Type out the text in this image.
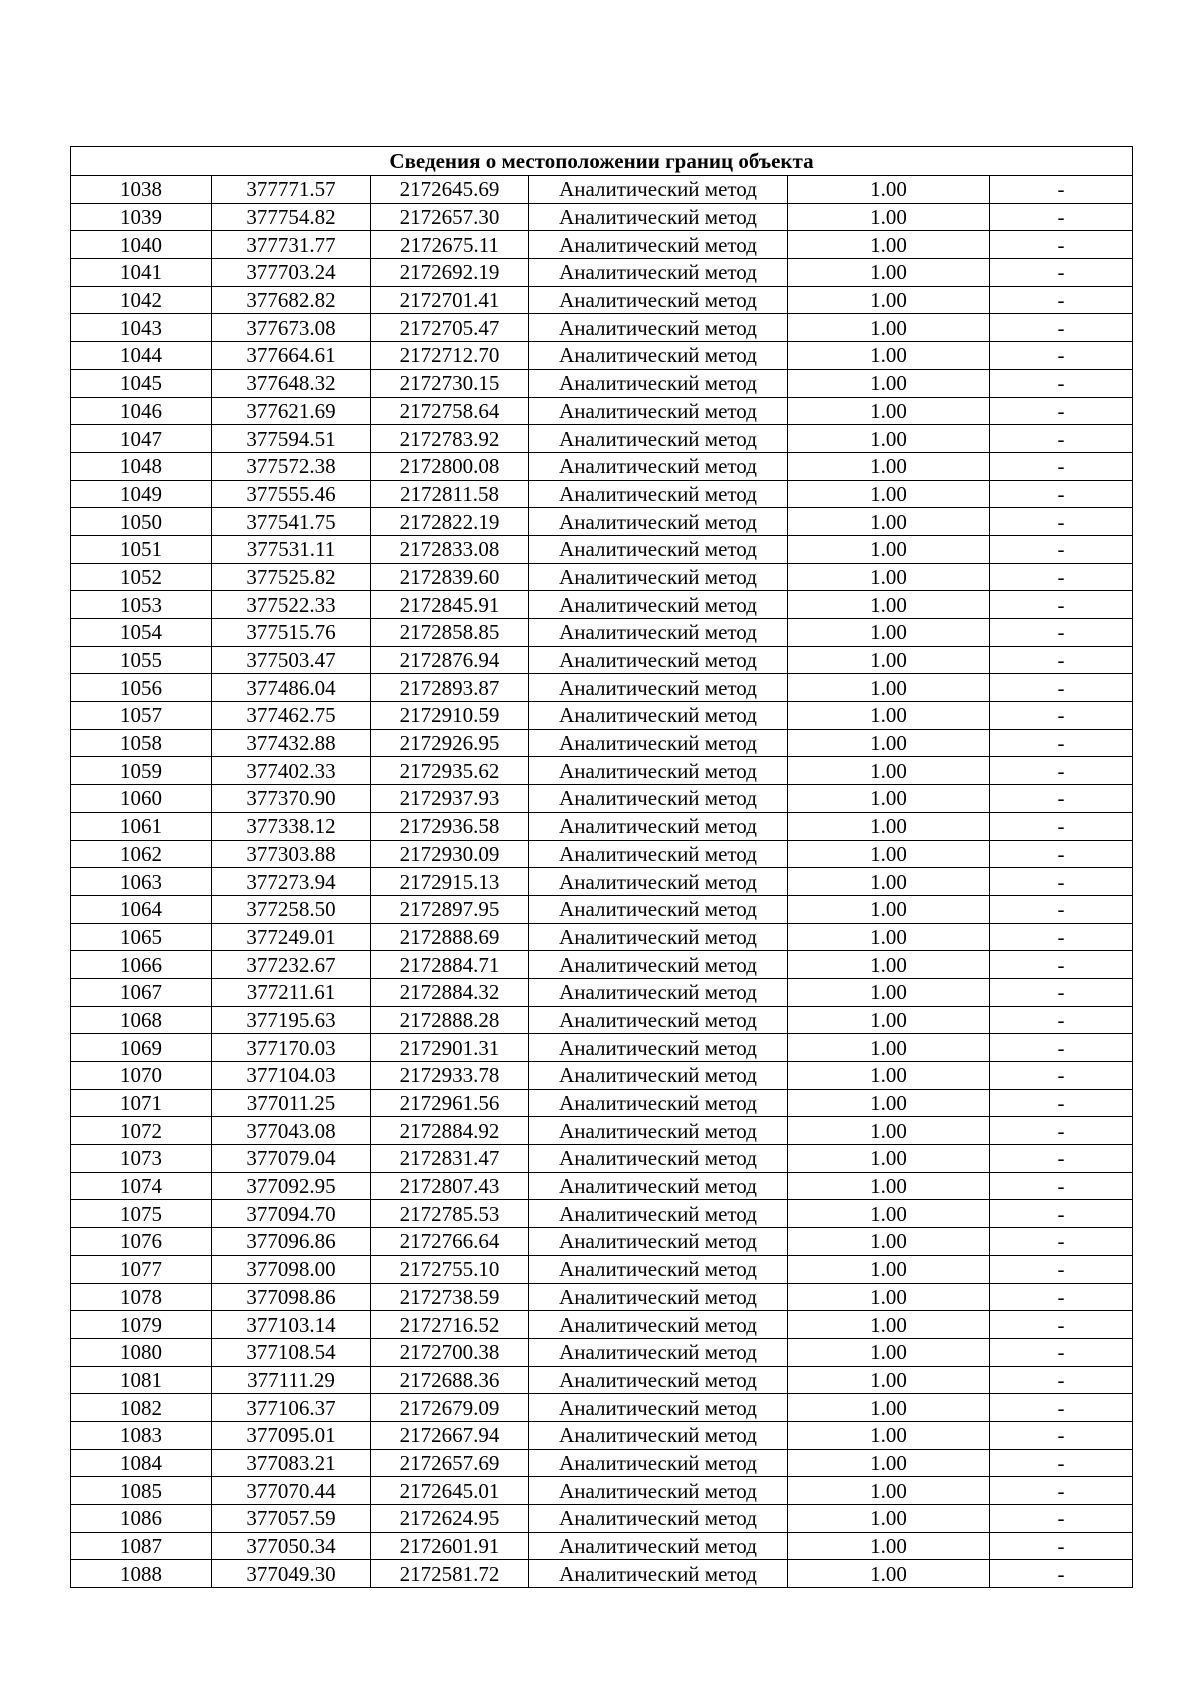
Сведения о местоположении границ объекта					
1038	377771.57	2172645.69	Аналитический метод	1.00	-
1039	377754.82	2172657.30	Аналитический метод	1.00	-
1040	377731.77	2172675.11	Аналитический метод	1.00	-
1041	377703.24	2172692.19	Аналитический метод	1.00	-
1042	377682.82	2172701.41	Аналитический метод	1.00	-
1043	377673.08	2172705.47	Аналитический метод	1.00	-
1044	377664.61	2172712.70	Аналитический метод	1.00	-
1045	377648.32	2172730.15	Аналитический метод	1.00	-
1046	377621.69	2172758.64	Аналитический метод	1.00	-
1047	377594.51	2172783.92	Аналитический метод	1.00	-
1048	377572.38	2172800.08	Аналитический метод	1.00	-
1049	377555.46	2172811.58	Аналитический метод	1.00	-
1050	377541.75	2172822.19	Аналитический метод	1.00	-
1051	377531.11	2172833.08	Аналитический метод	1.00	-
1052	377525.82	2172839.60	Аналитический метод	1.00	-
1053	377522.33	2172845.91	Аналитический метод	1.00	-
1054	377515.76	2172858.85	Аналитический метод	1.00	-
1055	377503.47	2172876.94	Аналитический метод	1.00	-
1056	377486.04	2172893.87	Аналитический метод	1.00	-
1057	377462.75	2172910.59	Аналитический метод	1.00	-
1058	377432.88	2172926.95	Аналитический метод	1.00	-
1059	377402.33	2172935.62	Аналитический метод	1.00	-
1060	377370.90	2172937.93	Аналитический метод	1.00	-
1061	377338.12	2172936.58	Аналитический метод	1.00	-
1062	377303.88	2172930.09	Аналитический метод	1.00	-
1063	377273.94	2172915.13	Аналитический метод	1.00	-
1064	377258.50	2172897.95	Аналитический метод	1.00	-
1065	377249.01	2172888.69	Аналитический метод	1.00	-
1066	377232.67	2172884.71	Аналитический метод	1.00	-
1067	377211.61	2172884.32	Аналитический метод	1.00	-
1068	377195.63	2172888.28	Аналитический метод	1.00	-
1069	377170.03	2172901.31	Аналитический метод	1.00	-
1070	377104.03	2172933.78	Аналитический метод	1.00	-
1071	377011.25	2172961.56	Аналитический метод	1.00	-
1072	377043.08	2172884.92	Аналитический метод	1.00	-
1073	377079.04	2172831.47	Аналитический метод	1.00	-
1074	377092.95	2172807.43	Аналитический метод	1.00	-
1075	377094.70	2172785.53	Аналитический метод	1.00	-
1076	377096.86	2172766.64	Аналитический метод	1.00	-
1077	377098.00	2172755.10	Аналитический метод	1.00	-
1078	377098.86	2172738.59	Аналитический метод	1.00	-
1079	377103.14	2172716.52	Аналитический метод	1.00	-
1080	377108.54	2172700.38	Аналитический метод	1.00	-
1081	377111.29	2172688.36	Аналитический метод	1.00	-
1082	377106.37	2172679.09	Аналитический метод	1.00	-
1083	377095.01	2172667.94	Аналитический метод	1.00	-
1084	377083.21	2172657.69	Аналитический метод	1.00	-
1085	377070.44	2172645.01	Аналитический метод	1.00	-
1086	377057.59	2172624.95	Аналитический метод	1.00	-
1087	377050.34	2172601.91	Аналитический метод	1.00	-
1088	377049.30	2172581.72	Аналитический метод	1.00	-
